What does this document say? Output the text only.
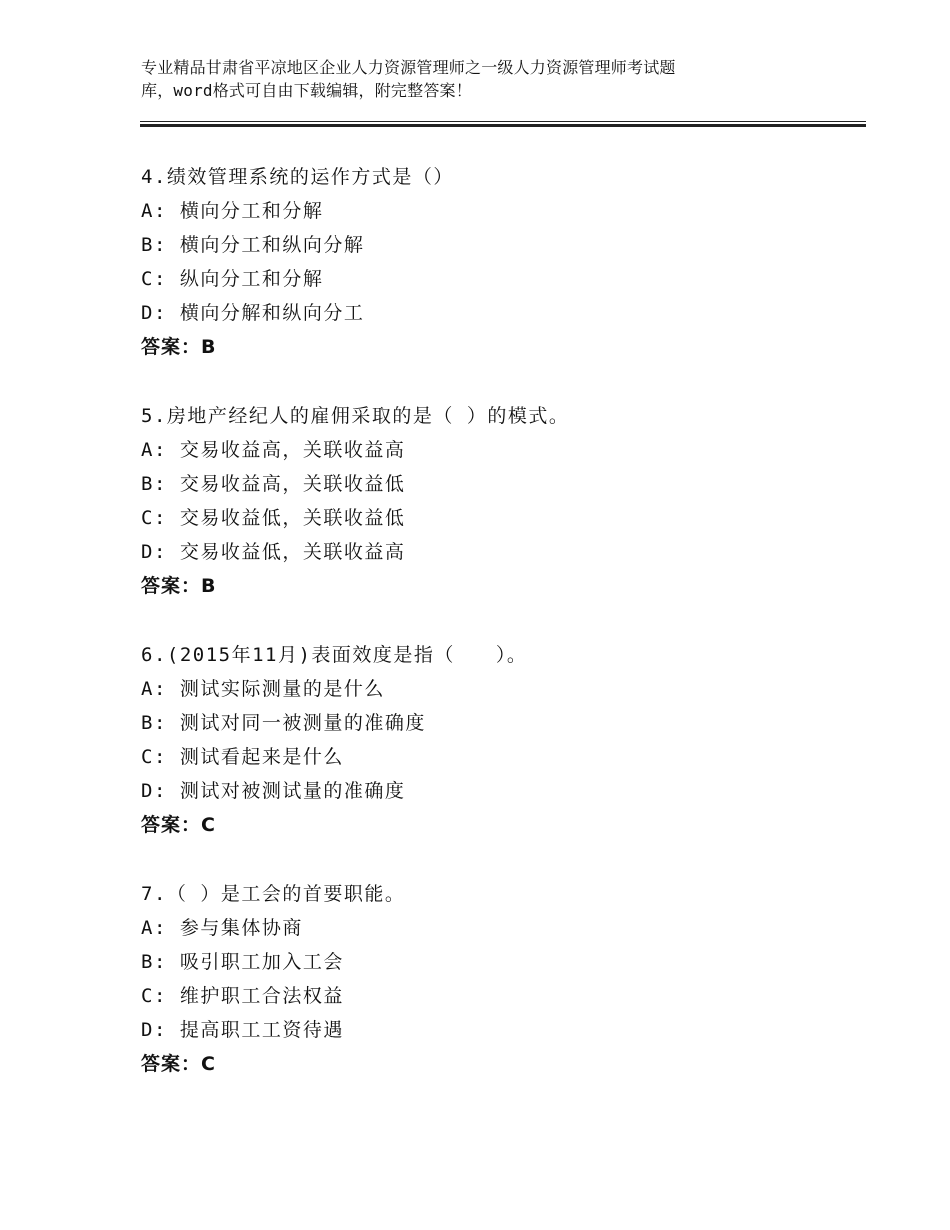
专业精品甘肃省平凉地区企业人力资源管理师之一级人力资源管理师考试题
库，word格式可自由下载编辑，附完整答案！
4.绩效管理系统的运作方式是（）
A: 横向分工和分解
B: 横向分工和纵向分解
C: 纵向分工和分解
D: 横向分解和纵向分工
答案：B
5.房地产经纪人的雇佣采取的是（ ）的模式。
A: 交易收益高，关联收益高
B: 交易收益高，关联收益低
C: 交易收益低，关联收益低
D: 交易收益低，关联收益高
答案：B
6.(2015年11月)表面效度是指（　　）。
A: 测试实际测量的是什么
B: 测试对同一被测量的准确度
C: 测试看起来是什么
D: 测试对被测试量的准确度
答案：C
7.（ ）是工会的首要职能。
A: 参与集体协商
B: 吸引职工加入工会
C: 维护职工合法权益
D: 提高职工工资待遇
答案：C
